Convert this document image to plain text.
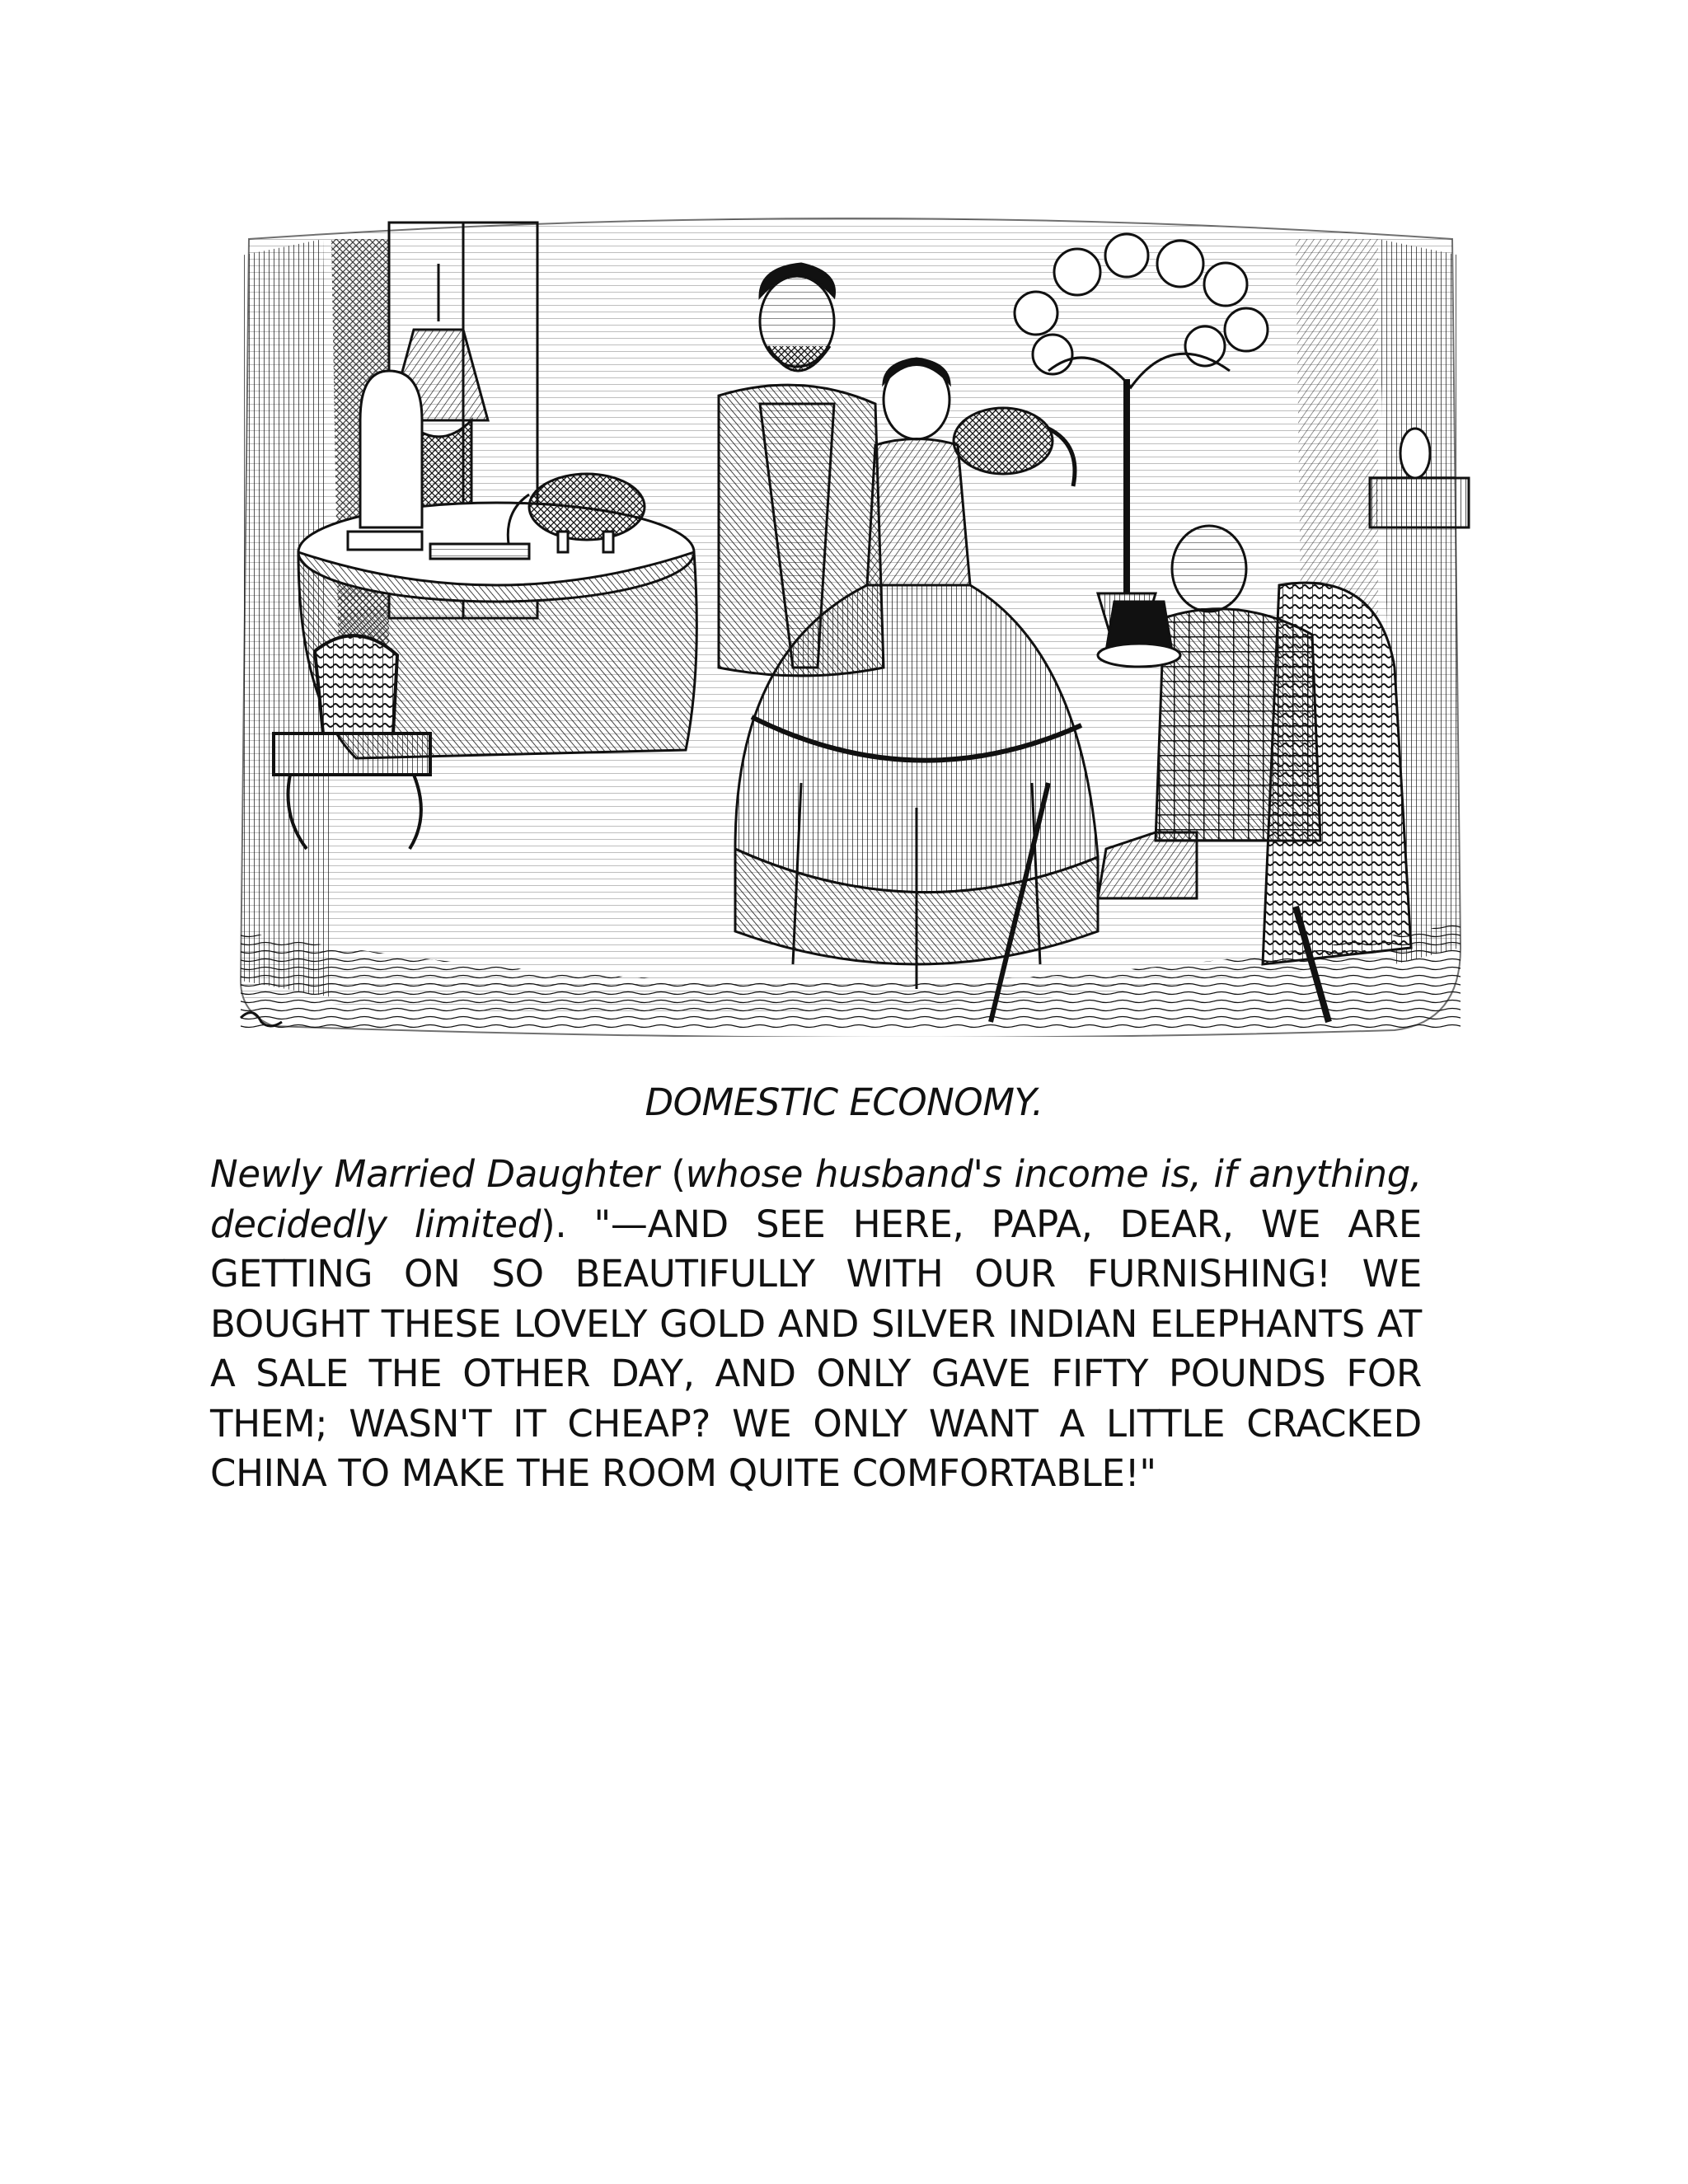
DOMESTIC ECONOMY.
Newly Married Daughter (whose husband's income is, if anything, decidedly limited). "—AND SEE HERE, PAPA, DEAR, WE ARE GETTING ON SO BEAUTIFULLY WITH OUR FURNISHING! WE BOUGHT THESE LOVELY GOLD AND SILVER INDIAN ELEPHANTS AT A SALE THE OTHER DAY, AND ONLY GAVE FIFTY POUNDS FOR THEM; WASN'T IT CHEAP? WE ONLY WANT A LITTLE CRACKED CHINA TO MAKE THE ROOM QUITE COMFORTABLE!"
